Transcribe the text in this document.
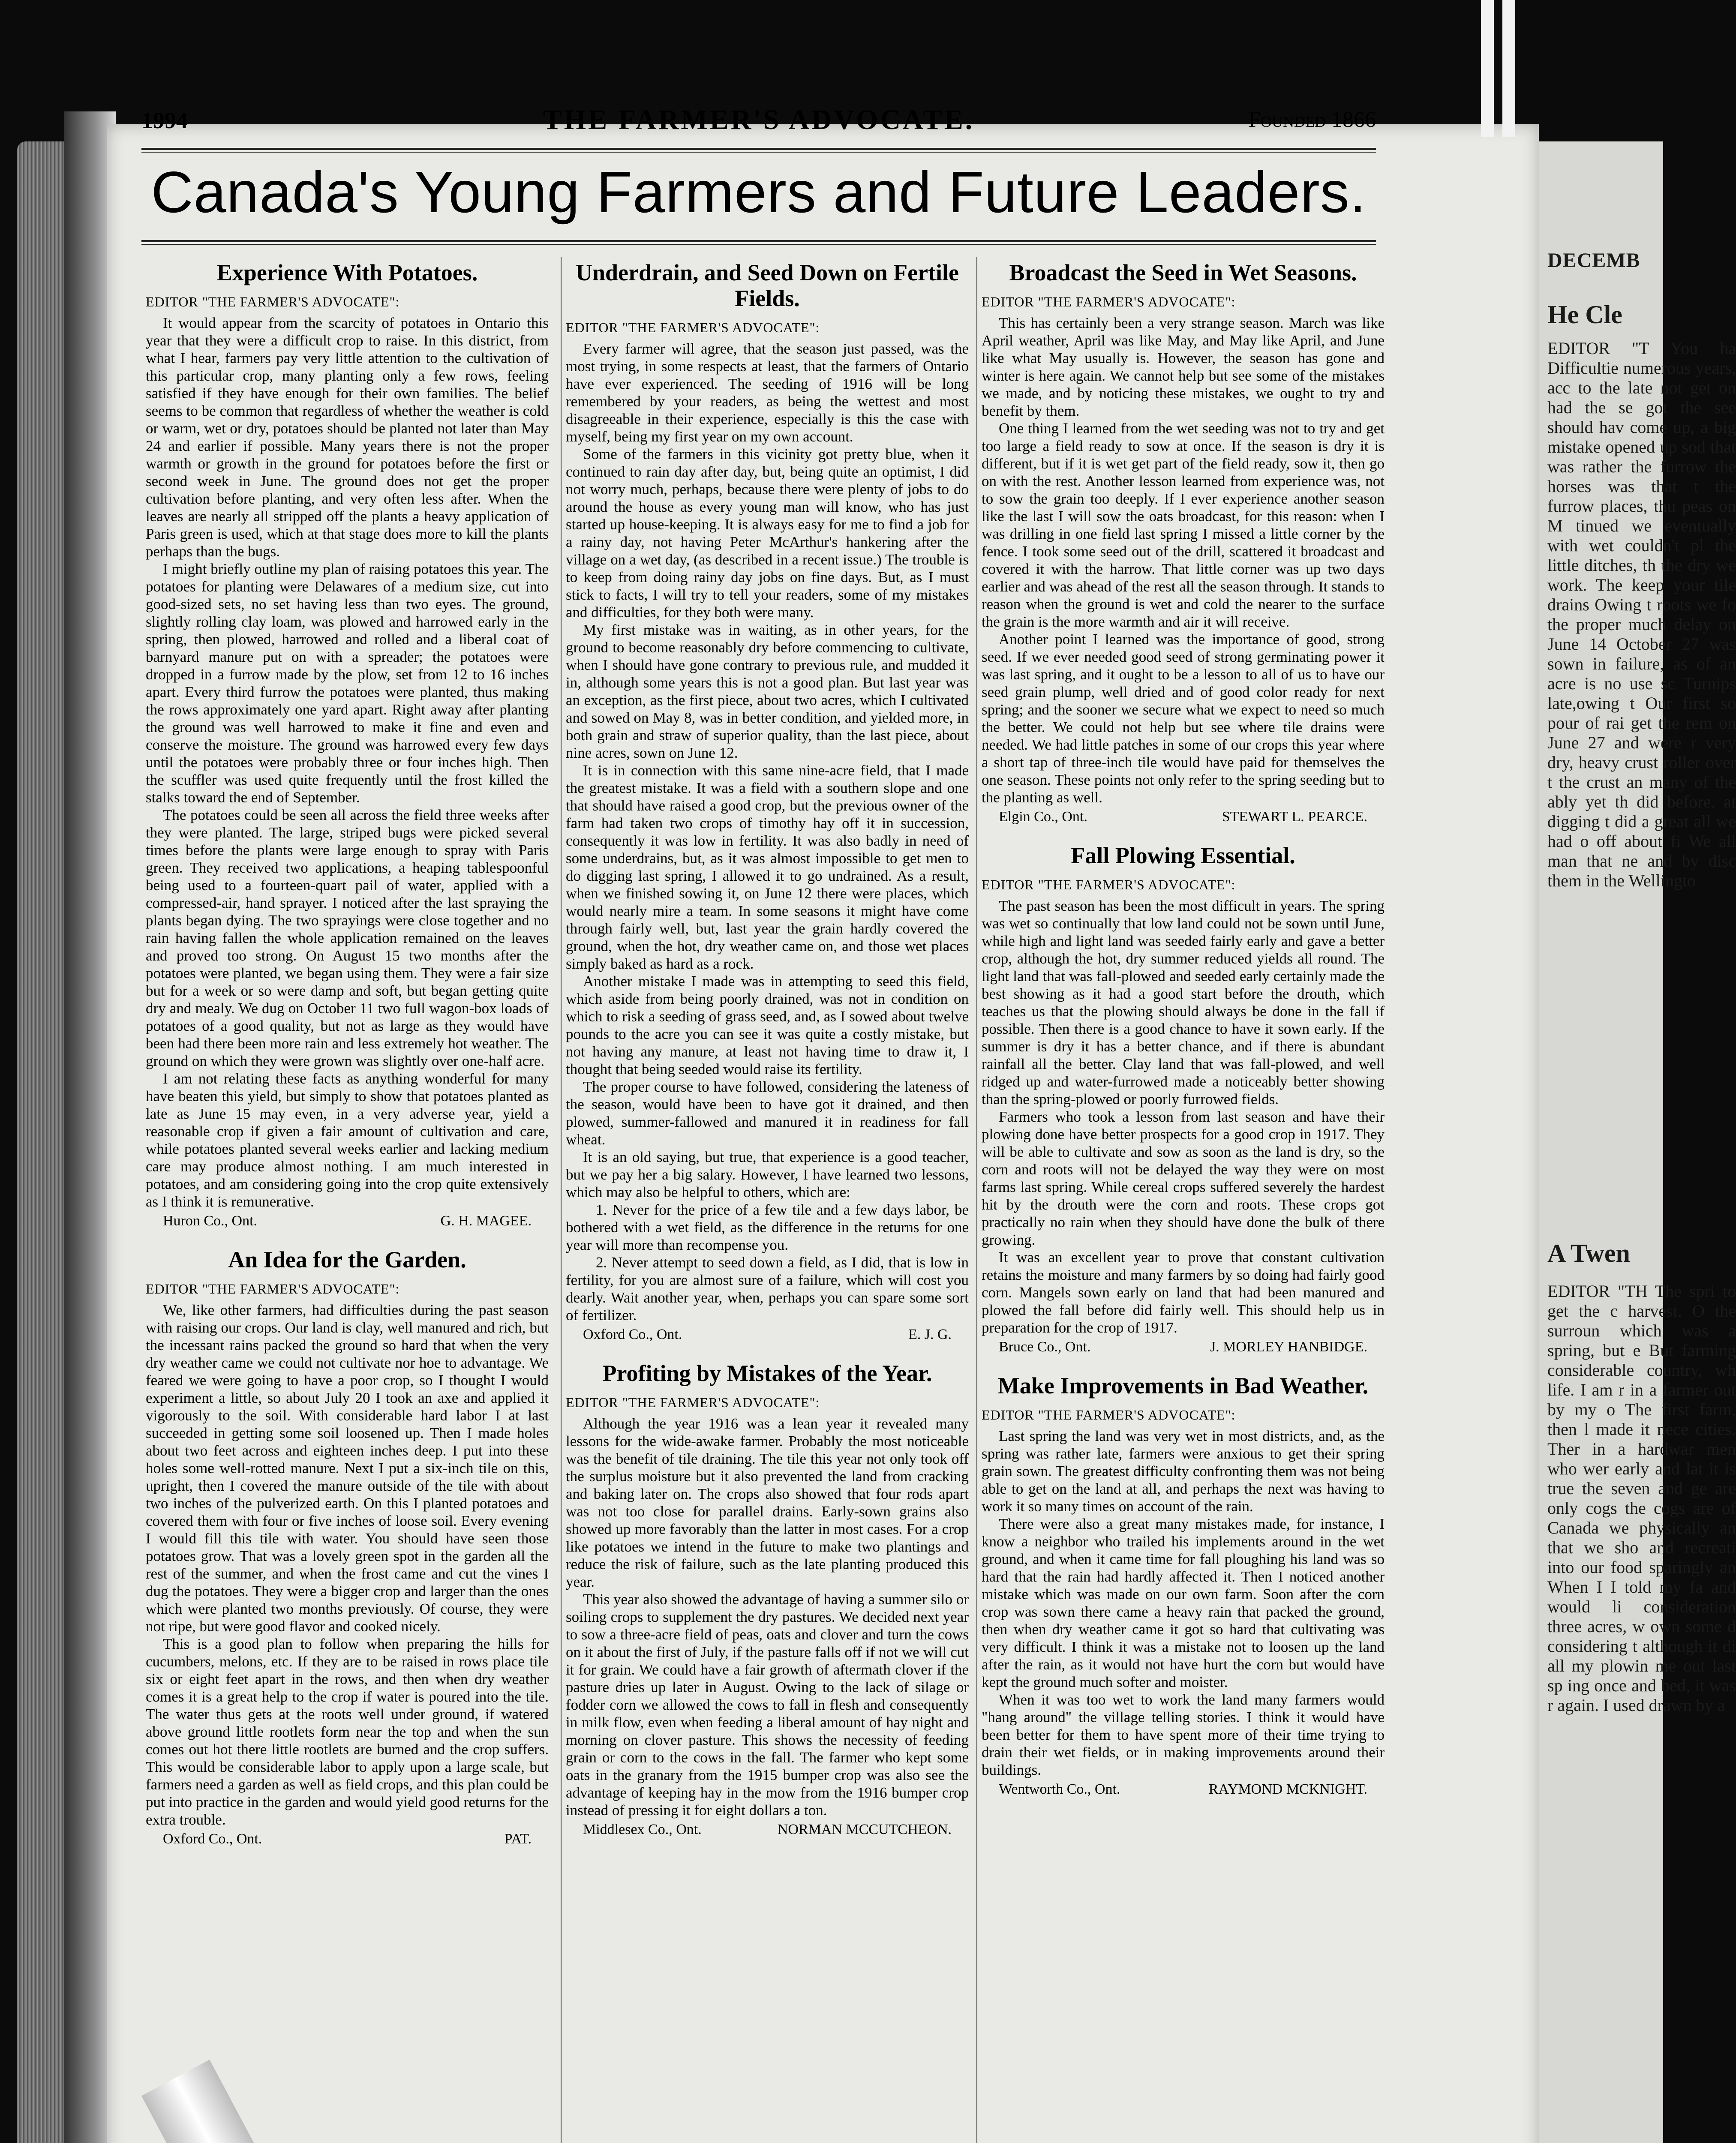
DECEMB
He Cle
EDITOR "T You ha Difficultie numerous years, acc to the late not get on had the se got the see should hav come up, a big mistake opened up sod that was rather the furrow the horses was that t the furrow places, thu peas on M tinued we eventually with wet couldn't pl the little ditches, th the dry we work. The keep your tile drains Owing t roots we fo the proper much delay on June 14 October 27 was sown in failure, as of an acre is no use sc Turnips late,owing t Our first so pour of rai get the rem on June 27 and were r very dry, heavy crust roller over t the crust an many of the ably yet th did before. at digging t did a great all we had o off about fi We all man that ne and by disc them in the Wellingto
A Twen
EDITOR "TH The spri to get the c harvest. O the surroun which was a spring, but e But farming considerable country, wh life. I am r in a farmer out by my o The first farm, then l made it nece cities. Ther in a hardwar men who wer early and lat it is true the seven and ge are only cogs the cogs are of Canada we physically an that we sho and recreati into our food sparingly an When I I told my fa and would li consideration three acres, w own some d considering t although it di all my plowin me out last sp ing once and bed, it was r again. I used drawn by a
1994	THE FARMER'S ADVOCATE.	Founded 1866
Canada's Young Farmers and Future Leaders.
Experience With Potatoes.
EDITOR "THE FARMER'S ADVOCATE":

It would appear from the scarcity of potatoes in Ontario this year that they were a difficult crop to raise. In this district, from what I hear, farmers pay very little attention to the cultivation of this particular crop, many planting only a few rows, feeling satisfied if they have enough for their own families. The belief seems to be common that regardless of whether the weather is cold or warm, wet or dry, potatoes should be planted not later than May 24 and earlier if possible. Many years there is not the proper warmth or growth in the ground for potatoes before the first or second week in June. The ground does not get the proper cultivation before planting, and very often less after. When the leaves are nearly all stripped off the plants a heavy application of Paris green is used, which at that stage does more to kill the plants perhaps than the bugs.

I might briefly outline my plan of raising potatoes this year. The potatoes for planting were Delawares of a medium size, cut into good-sized sets, no set having less than two eyes. The ground, slightly rolling clay loam, was plowed and harrowed early in the spring, then plowed, harrowed and rolled and a liberal coat of barnyard manure put on with a spreader; the potatoes were dropped in a furrow made by the plow, set from 12 to 16 inches apart. Every third furrow the potatoes were planted, thus making the rows approximately one yard apart. Right away after planting the ground was well harrowed to make it fine and even and conserve the moisture. The ground was harrowed every few days until the potatoes were probably three or four inches high. Then the scuffler was used quite frequently until the frost killed the stalks toward the end of September.

The potatoes could be seen all across the field three weeks after they were planted. The large, striped bugs were picked several times before the plants were large enough to spray with Paris green. They received two applications, a heaping tablespoonful being used to a fourteen-quart pail of water, applied with a compressed-air, hand sprayer. I noticed after the last spraying the plants began dying. The two sprayings were close together and no rain having fallen the whole application remained on the leaves and proved too strong. On August 15 two months after the potatoes were planted, we began using them. They were a fair size but for a week or so were damp and soft, but began getting quite dry and mealy. We dug on October 11 two full wagon-box loads of potatoes of a good quality, but not as large as they would have been had there been more rain and less extremely hot weather. The ground on which they were grown was slightly over one-half acre.

I am not relating these facts as anything wonderful for many have beaten this yield, but simply to show that potatoes planted as late as June 15 may even, in a very adverse year, yield a reasonable crop if given a fair amount of cultivation and care, while potatoes planted several weeks earlier and lacking medium care may produce almost nothing. I am much interested in potatoes, and am considering going into the crop quite extensively as I think it is remunerative.

Huron Co., Ont.	G. H. MAGEE.
An Idea for the Garden.
EDITOR "THE FARMER'S ADVOCATE":

We, like other farmers, had difficulties during the past season with raising our crops. Our land is clay, well manured and rich, but the incessant rains packed the ground so hard that when the very dry weather came we could not cultivate nor hoe to advantage. We feared we were going to have a poor crop, so I thought I would experiment a little, so about July 20 I took an axe and applied it vigorously to the soil. With considerable hard labor I at last succeeded in getting some soil loosened up. Then I made holes about two feet across and eighteen inches deep. I put into these holes some well-rotted manure. Next I put a six-inch tile on this, upright, then I covered the manure outside of the tile with about two inches of the pulverized earth. On this I planted potatoes and covered them with four or five inches of loose soil. Every evening I would fill this tile with water. You should have seen those potatoes grow. That was a lovely green spot in the garden all the rest of the summer, and when the frost came and cut the vines I dug the potatoes. They were a bigger crop and larger than the ones which were planted two months previously. Of course, they were not ripe, but were good flavor and cooked nicely.

This is a good plan to follow when preparing the hills for cucumbers, melons, etc. If they are to be raised in rows place tile six or eight feet apart in the rows, and then when dry weather comes it is a great help to the crop if water is poured into the tile. The water thus gets at the roots well under ground, if watered above ground little rootlets form near the top and when the sun comes out hot there little rootlets are burned and the crop suffers. This would be considerable labor to apply upon a large scale, but farmers need a garden as well as field crops, and this plan could be put into practice in the garden and would yield good returns for the extra trouble.

Oxford Co., Ont.	PAT.
Underdrain, and Seed Down on Fertile Fields.
EDITOR "THE FARMER'S ADVOCATE":

Every farmer will agree, that the season just passed, was the most trying, in some respects at least, that the farmers of Ontario have ever experienced. The seeding of 1916 will be long remembered by your readers, as being the wettest and most disagreeable in their experience, especially is this the case with myself, being my first year on my own account.

Some of the farmers in this vicinity got pretty blue, when it continued to rain day after day, but, being quite an optimist, I did not worry much, perhaps, because there were plenty of jobs to do around the house as every young man will know, who has just started up house-keeping. It is always easy for me to find a job for a rainy day, not having Peter McArthur's hankering after the village on a wet day, (as described in a recent issue.) The trouble is to keep from doing rainy day jobs on fine days. But, as I must stick to facts, I will try to tell your readers, some of my mistakes and difficulties, for they both were many.

My first mistake was in waiting, as in other years, for the ground to become reasonably dry before commencing to cultivate, when I should have gone contrary to previous rule, and mudded it in, although some years this is not a good plan. But last year was an exception, as the first piece, about two acres, which I cultivated and sowed on May 8, was in better condition, and yielded more, in both grain and straw of superior quality, than the last piece, about nine acres, sown on June 12.

It is in connection with this same nine-acre field, that I made the greatest mistake. It was a field with a southern slope and one that should have raised a good crop, but the previous owner of the farm had taken two crops of timothy hay off it in succession, consequently it was low in fertility. It was also badly in need of some underdrains, but, as it was almost impossible to get men to do digging last spring, I allowed it to go undrained. As a result, when we finished sowing it, on June 12 there were places, which would nearly mire a team. In some seasons it might have come through fairly well, but, last year the grain hardly covered the ground, when the hot, dry weather came on, and those wet places simply baked as hard as a rock.

Another mistake I made was in attempting to seed this field, which aside from being poorly drained, was not in condition on which to risk a seeding of grass seed, and, as I sowed about twelve pounds to the acre you can see it was quite a costly mistake, but not having any manure, at least not having time to draw it, I thought that being seeded would raise its fertility.

The proper course to have followed, considering the lateness of the season, would have been to have got it drained, and then plowed, summer-fallowed and manured it in readiness for fall wheat.

It is an old saying, but true, that experience is a good teacher, but we pay her a big salary. However, I have learned two lessons, which may also be helpful to others, which are:

1. Never for the price of a few tile and a few days labor, be bothered with a wet field, as the difference in the returns for one year will more than recompense you.

2. Never attempt to seed down a field, as I did, that is low in fertility, for you are almost sure of a failure, which will cost you dearly. Wait another year, when, perhaps you can spare some sort of fertilizer.

Oxford Co., Ont.	E. J. G.
Profiting by Mistakes of the Year.
EDITOR "THE FARMER'S ADVOCATE":

Although the year 1916 was a lean year it revealed many lessons for the wide-awake farmer. Probably the most noticeable was the benefit of tile draining. The tile this year not only took off the surplus moisture but it also prevented the land from cracking and baking later on. The crops also showed that four rods apart was not too close for parallel drains. Early-sown grains also showed up more favorably than the latter in most cases. For a crop like potatoes we intend in the future to make two plantings and reduce the risk of failure, such as the late planting produced this year.

This year also showed the advantage of having a summer silo or soiling crops to supplement the dry pastures. We decided next year to sow a three-acre field of peas, oats and clover and turn the cows on it about the first of July, if the pasture falls off if not we will cut it for grain. We could have a fair growth of aftermath clover if the pasture dries up later in August. Owing to the lack of silage or fodder corn we allowed the cows to fall in flesh and consequently in milk flow, even when feeding a liberal amount of hay night and morning on clover pasture. This shows the necessity of feeding grain or corn to the cows in the fall. The farmer who kept some oats in the granary from the 1915 bumper crop was also see the advantage of keeping hay in the mow from the 1916 bumper crop instead of pressing it for eight dollars a ton.

Middlesex Co., Ont.	NORMAN MCCUTCHEON.
Broadcast the Seed in Wet Seasons.
EDITOR "THE FARMER'S ADVOCATE":

This has certainly been a very strange season. March was like April weather, April was like May, and May like April, and June like what May usually is. However, the season has gone and winter is here again. We cannot help but see some of the mistakes we made, and by noticing these mistakes, we ought to try and benefit by them.

One thing I learned from the wet seeding was not to try and get too large a field ready to sow at once. If the season is dry it is different, but if it is wet get part of the field ready, sow it, then go on with the rest. Another lesson learned from experience was, not to sow the grain too deeply. If I ever experience another season like the last I will sow the oats broadcast, for this reason: when I was drilling in one field last spring I missed a little corner by the fence. I took some seed out of the drill, scattered it broadcast and covered it with the harrow. That little corner was up two days earlier and was ahead of the rest all the season through. It stands to reason when the ground is wet and cold the nearer to the surface the grain is the more warmth and air it will receive.

Another point I learned was the importance of good, strong seed. If we ever needed good seed of strong germinating power it was last spring, and it ought to be a lesson to all of us to have our seed grain plump, well dried and of good color ready for next spring; and the sooner we secure what we expect to need so much the better. We could not help but see where tile drains were needed. We had little patches in some of our crops this year where a short tap of three-inch tile would have paid for themselves the one season. These points not only refer to the spring seeding but to the planting as well.

Elgin Co., Ont.	STEWART L. PEARCE.
Fall Plowing Essential.
EDITOR "THE FARMER'S ADVOCATE":

The past season has been the most difficult in years. The spring was wet so continually that low land could not be sown until June, while high and light land was seeded fairly early and gave a better crop, although the hot, dry summer reduced yields all round. The light land that was fall-plowed and seeded early certainly made the best showing as it had a good start before the drouth, which teaches us that the plowing should always be done in the fall if possible. Then there is a good chance to have it sown early. If the summer is dry it has a better chance, and if there is abundant rainfall all the better. Clay land that was fall-plowed, and well ridged up and water-furrowed made a noticeably better showing than the spring-plowed or poorly furrowed fields.

Farmers who took a lesson from last season and have their plowing done have better prospects for a good crop in 1917. They will be able to cultivate and sow as soon as the land is dry, so the corn and roots will not be delayed the way they were on most farms last spring. While cereal crops suffered severely the hardest hit by the drouth were the corn and roots. These crops got practically no rain when they should have done the bulk of there growing.

It was an excellent year to prove that constant cultivation retains the moisture and many farmers by so doing had fairly good corn. Mangels sown early on land that had been manured and plowed the fall before did fairly well. This should help us in preparation for the crop of 1917.

Bruce Co., Ont.	J. MORLEY HANBIDGE.
Make Improvements in Bad Weather.
EDITOR "THE FARMER'S ADVOCATE":

Last spring the land was very wet in most districts, and, as the spring was rather late, farmers were anxious to get their spring grain sown. The greatest difficulty confronting them was not being able to get on the land at all, and perhaps the next was having to work it so many times on account of the rain.

There were also a great many mistakes made, for instance, I know a neighbor who trailed his implements around in the wet ground, and when it came time for fall ploughing his land was so hard that the rain had hardly affected it. Then I noticed another mistake which was made on our own farm. Soon after the corn crop was sown there came a heavy rain that packed the ground, then when dry weather came it got so hard that cultivating was very difficult. I think it was a mistake not to loosen up the land after the rain, as it would not have hurt the corn but would have kept the ground much softer and moister.

When it was too wet to work the land many farmers would "hang around" the village telling stories. I think it would have been better for them to have spent more of their time trying to drain their wet fields, or in making improvements around their buildings.

Wentworth Co., Ont.	RAYMOND MCKNIGHT.
